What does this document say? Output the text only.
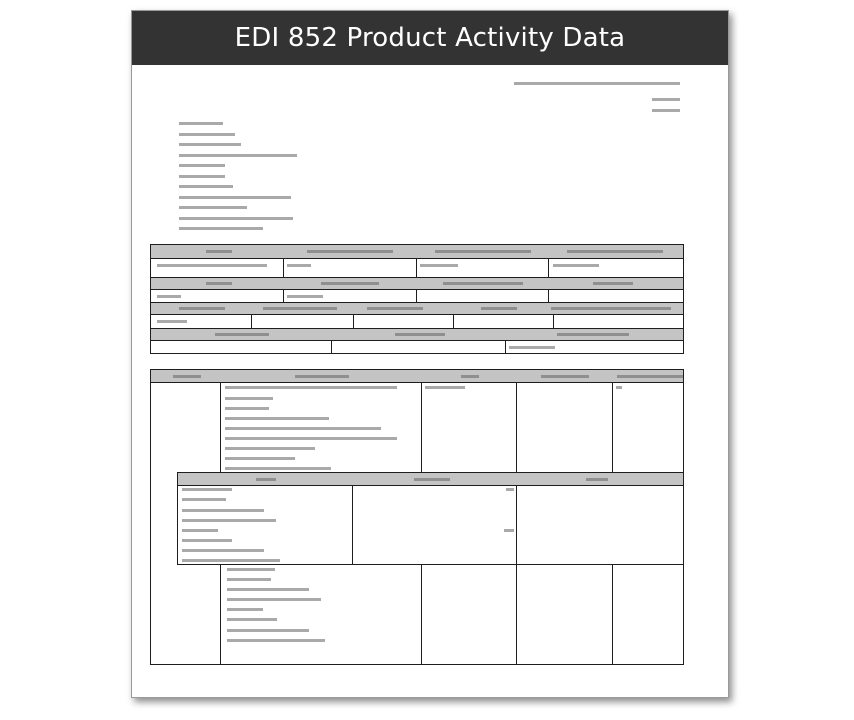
EDI 852 Product Activity Data
